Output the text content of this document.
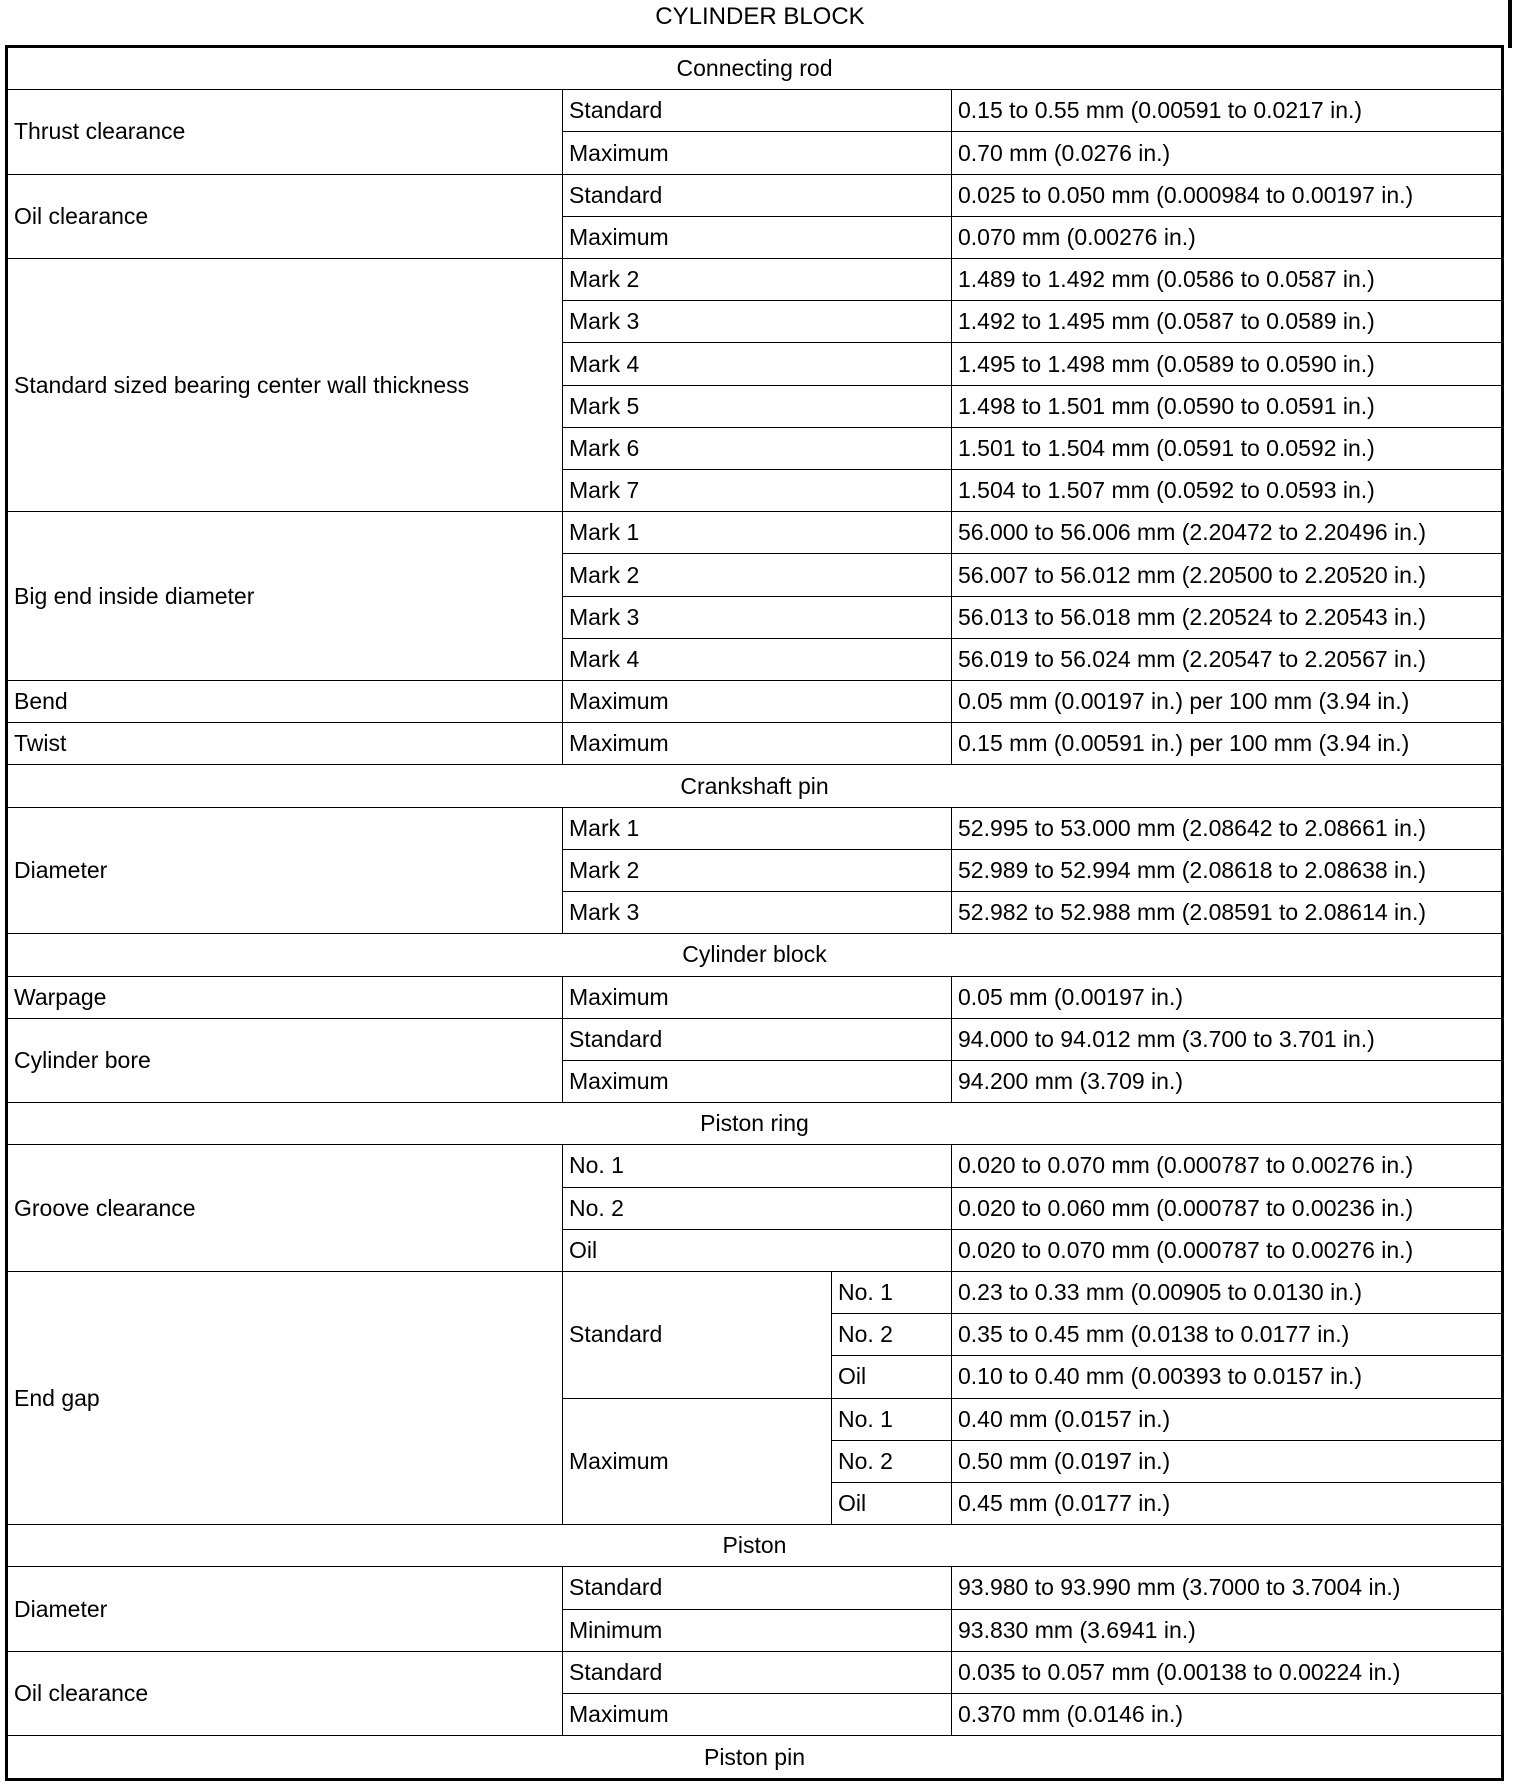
CYLINDER BLOCK
Connecting rod			
Thrust clearance	Standard		0.15 to 0.55 mm (0.00591 to 0.0217 in.)
	Maximum		0.70 mm (0.0276 in.)
Oil clearance	Standard		0.025 to 0.050 mm (0.000984 to 0.00197 in.)
	Maximum		0.070 mm (0.00276 in.)
Standard sized bearing center wall thickness	Mark 2		1.489 to 1.492 mm (0.0586 to 0.0587 in.)
	Mark 3		1.492 to 1.495 mm (0.0587 to 0.0589 in.)
	Mark 4		1.495 to 1.498 mm (0.0589 to 0.0590 in.)
	Mark 5		1.498 to 1.501 mm (0.0590 to 0.0591 in.)
	Mark 6		1.501 to 1.504 mm (0.0591 to 0.0592 in.)
	Mark 7		1.504 to 1.507 mm (0.0592 to 0.0593 in.)
Big end inside diameter	Mark 1		56.000 to 56.006 mm (2.20472 to 2.20496 in.)
	Mark 2		56.007 to 56.012 mm (2.20500 to 2.20520 in.)
	Mark 3		56.013 to 56.018 mm (2.20524 to 2.20543 in.)
	Mark 4		56.019 to 56.024 mm (2.20547 to 2.20567 in.)
Bend	Maximum		0.05 mm (0.00197 in.) per 100 mm (3.94 in.)
Twist	Maximum		0.15 mm (0.00591 in.) per 100 mm (3.94 in.)
Crankshaft pin			
Diameter	Mark 1		52.995 to 53.000 mm (2.08642 to 2.08661 in.)
	Mark 2		52.989 to 52.994 mm (2.08618 to 2.08638 in.)
	Mark 3		52.982 to 52.988 mm (2.08591 to 2.08614 in.)
Cylinder block			
Warpage	Maximum		0.05 mm (0.00197 in.)
Cylinder bore	Standard		94.000 to 94.012 mm (3.700 to 3.701 in.)
	Maximum		94.200 mm (3.709 in.)
Piston ring			
Groove clearance	No. 1		0.020 to 0.070 mm (0.000787 to 0.00276 in.)
	No. 2		0.020 to 0.060 mm (0.000787 to 0.00236 in.)
	Oil		0.020 to 0.070 mm (0.000787 to 0.00276 in.)
End gap	Standard	No. 1	0.23 to 0.33 mm (0.00905 to 0.0130 in.)
		No. 2	0.35 to 0.45 mm (0.0138 to 0.0177 in.)
		Oil	0.10 to 0.40 mm (0.00393 to 0.0157 in.)
	Maximum	No. 1	0.40 mm (0.0157 in.)
		No. 2	0.50 mm (0.0197 in.)
		Oil	0.45 mm (0.0177 in.)
Piston			
Diameter	Standard		93.980 to 93.990 mm (3.7000 to 3.7004 in.)
	Minimum		93.830 mm (3.6941 in.)
Oil clearance	Standard		0.035 to 0.057 mm (0.00138 to 0.00224 in.)
	Maximum		0.370 mm (0.0146 in.)
Piston pin			
